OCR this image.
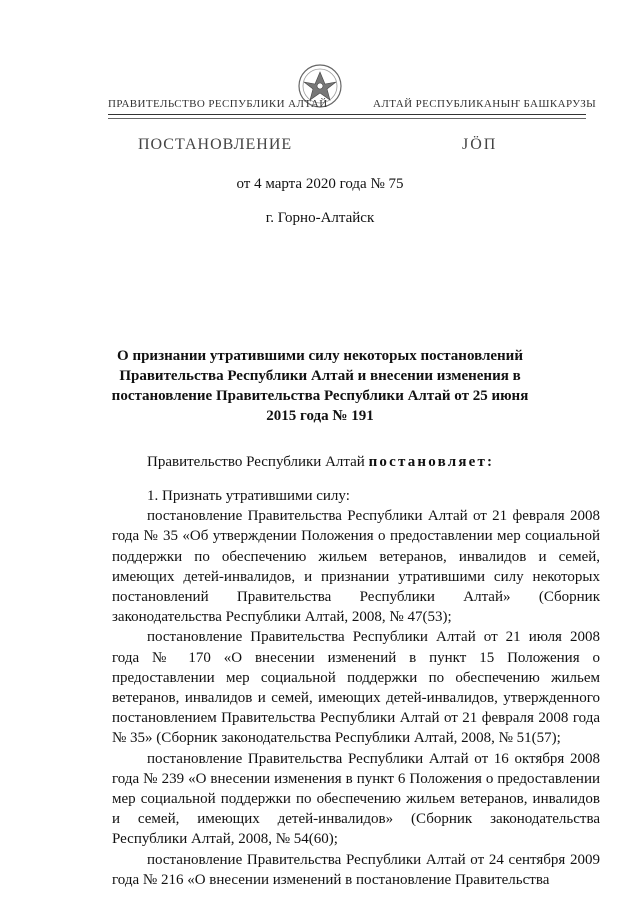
ПРАВИТЕЛЬСТВО РЕСПУБЛИКИ АЛТАЙ	АЛТАЙ РЕСПУБЛИКАНЫҤ БАШКАРУЗЫ
ПОСТАНОВЛЕНИЕ	ЈӦП
от 4 марта 2020 года № 75
г. Горно-Алтайск
О признании утратившими силу некоторых постановлений Правительства Республики Алтай и внесении изменения в постановление Правительства Республики Алтай от 25 июня 2015 года № 191

Правительство Республики Алтай постановляет:

1. Признать утратившими силу:

постановление Правительства Республики Алтай от 21 февраля 2008 года № 35 «Об утверждении Положения о предоставлении мер социальной поддержки по обеспечению жильем ветеранов, инвалидов и семей, имеющих детей-инвалидов, и признании утратившими силу некоторых постановлений Правительства Республики Алтай» (Сборник законодательства Республики Алтай, 2008, № 47(53);

постановление Правительства Республики Алтай от 21 июля 2008 года № 170 «О внесении изменений в пункт 15 Положения о предоставлении мер социальной поддержки по обеспечению жильем ветеранов, инвалидов и семей, имеющих детей-инвалидов, утвержденного постановлением Правительства Республики Алтай от 21 февраля 2008 года № 35» (Сборник законодательства Республики Алтай, 2008, № 51(57);

постановление Правительства Республики Алтай от 16 октября 2008 года № 239 «О внесении изменения в пункт 6 Положения о предоставлении мер социальной поддержки по обеспечению жильем ветеранов, инвалидов и семей, имеющих детей-инвалидов» (Сборник законодательства Республики Алтай, 2008, № 54(60);

постановление Правительства Республики Алтай от 24 сентября 2009 года № 216 «О внесении изменений в постановление Правительства
